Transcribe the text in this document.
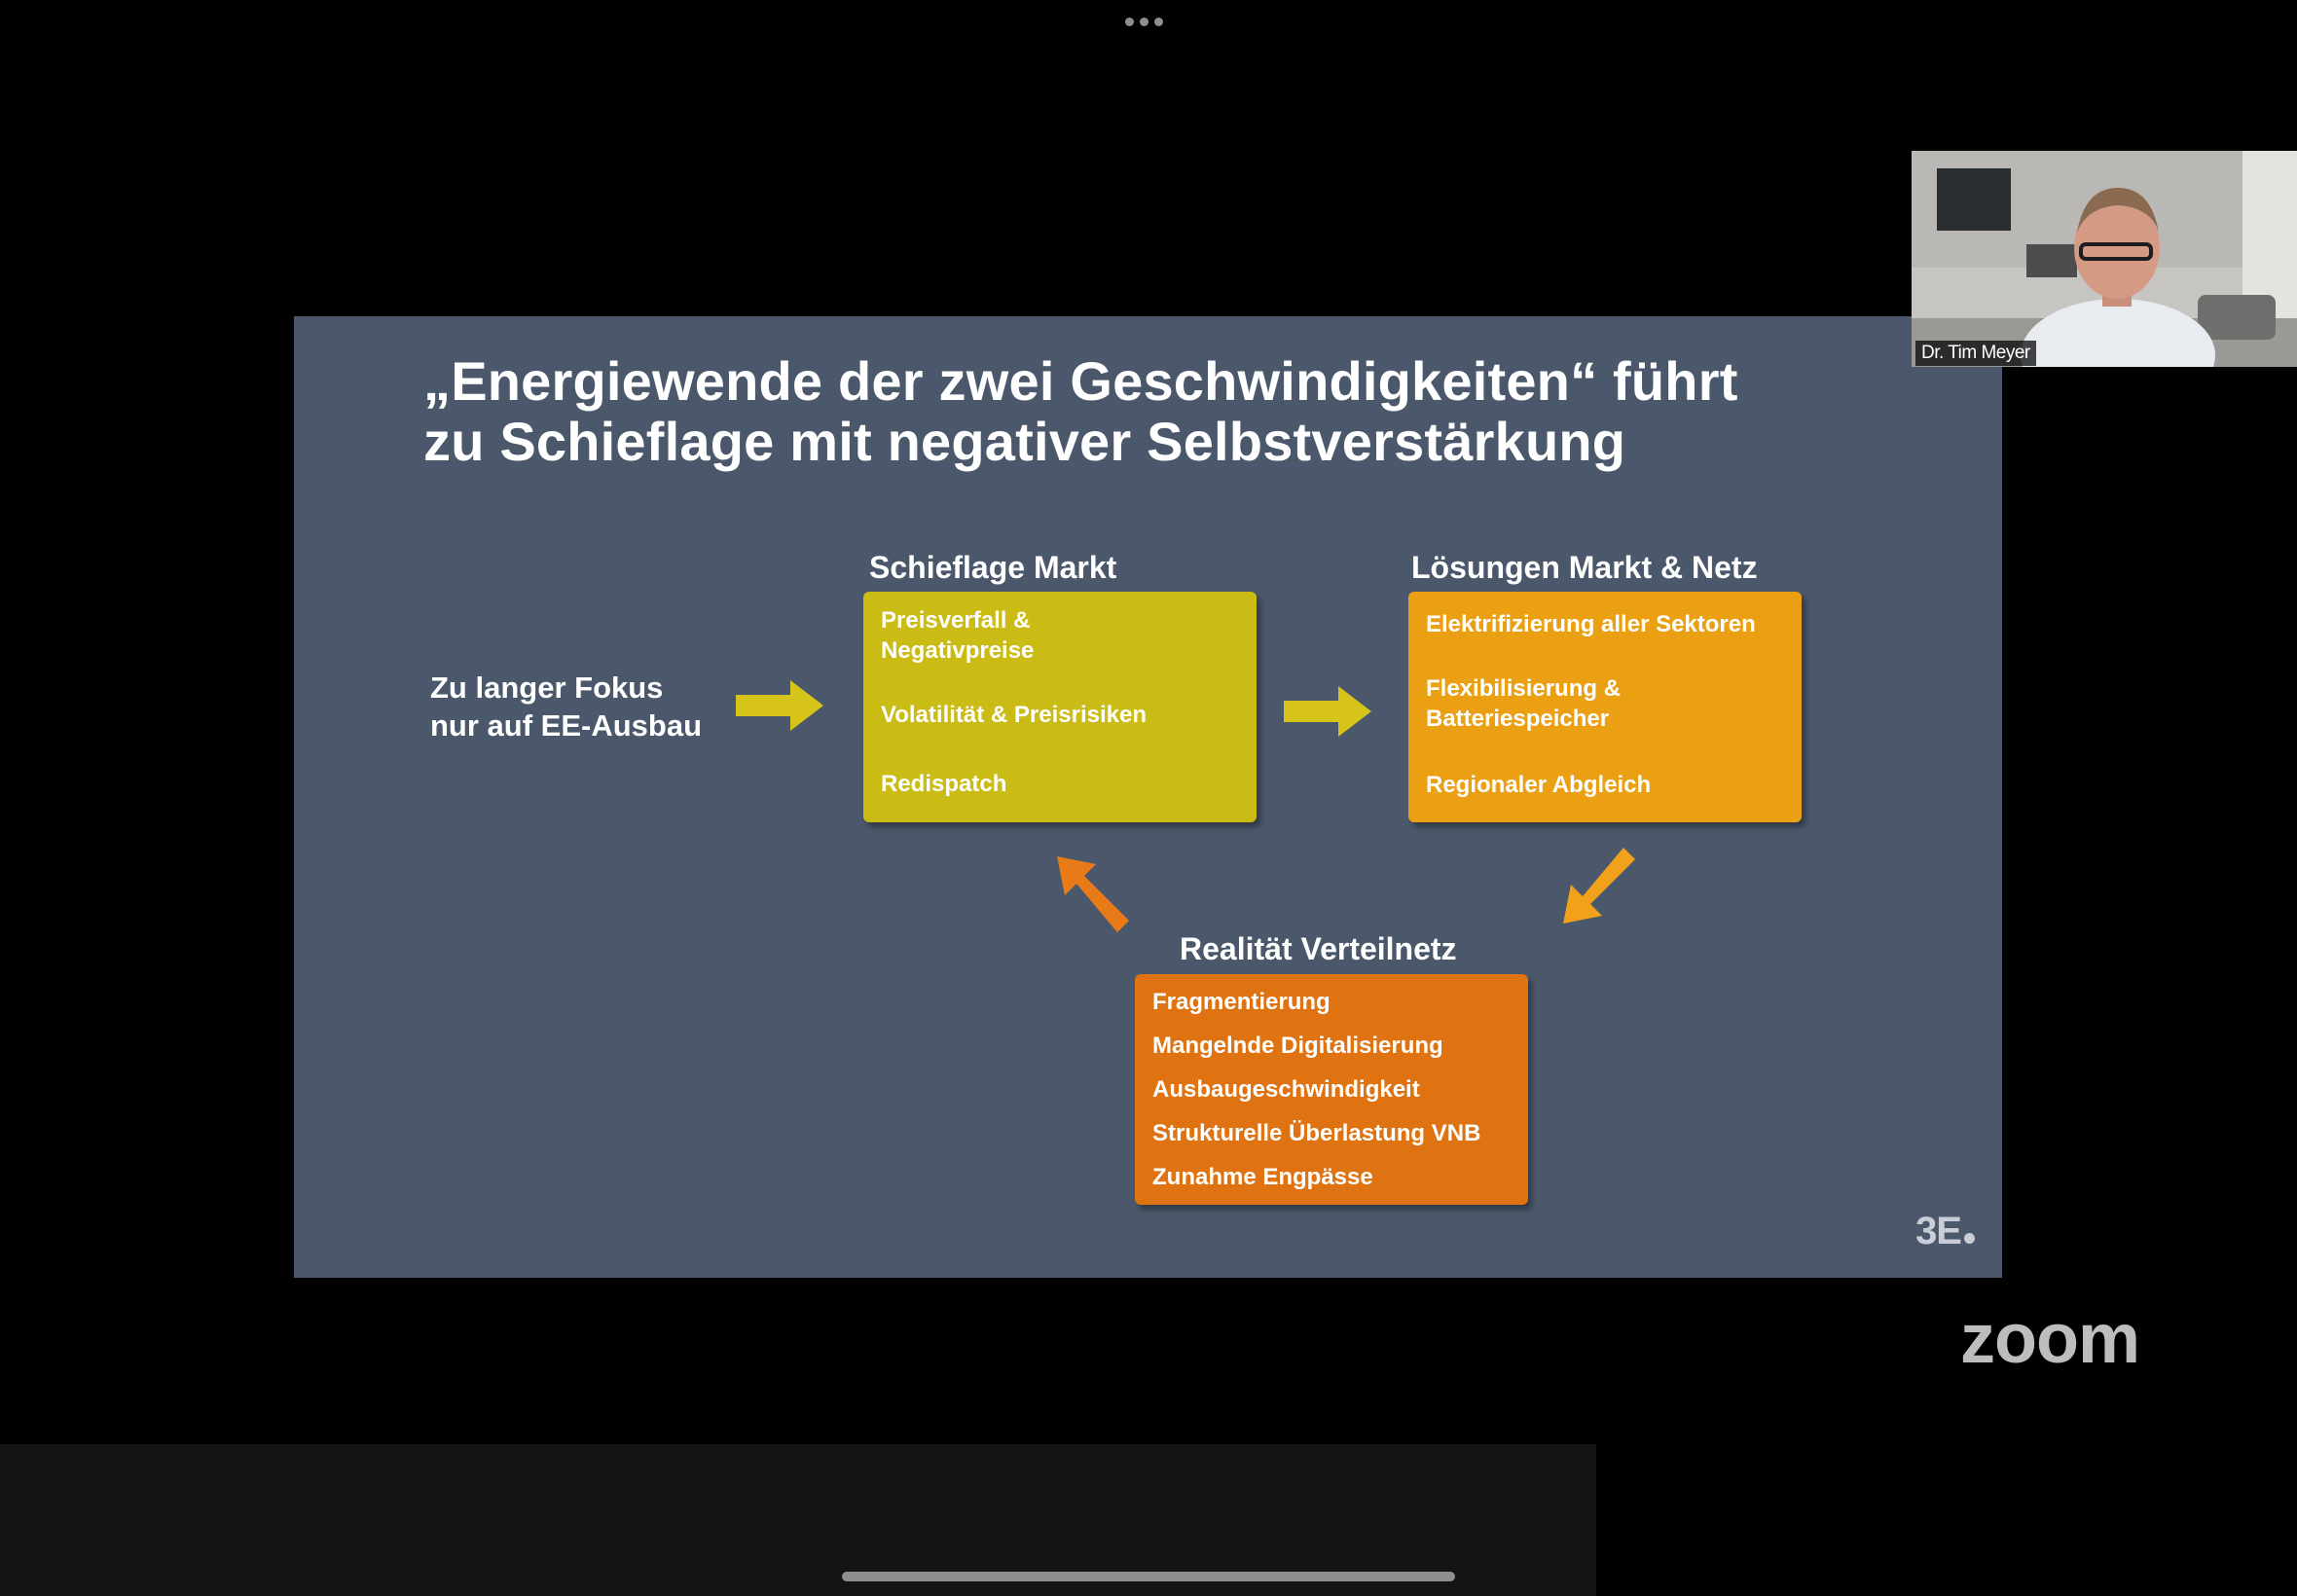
„Energiewende der zwei Geschwindigkeiten“ führt
zu Schieflage mit negativer Selbstverstärkung
Zu langer Fokus
nur auf EE-Ausbau
Schieflage Markt
Preisverfall &
Negativpreise
Volatilität & Preisrisiken
Redispatch
Lösungen Markt & Netz
Elektrifizierung aller Sektoren
Flexibilisierung &
Batteriespeicher
Regionaler Abgleich
Realität Verteilnetz
Fragmentierung
Mangelnde Digitalisierung
Ausbaugeschwindigkeit
Strukturelle Überlastung VNB
Zunahme Engpässe
3E
Dr. Tim Meyer
zoom
